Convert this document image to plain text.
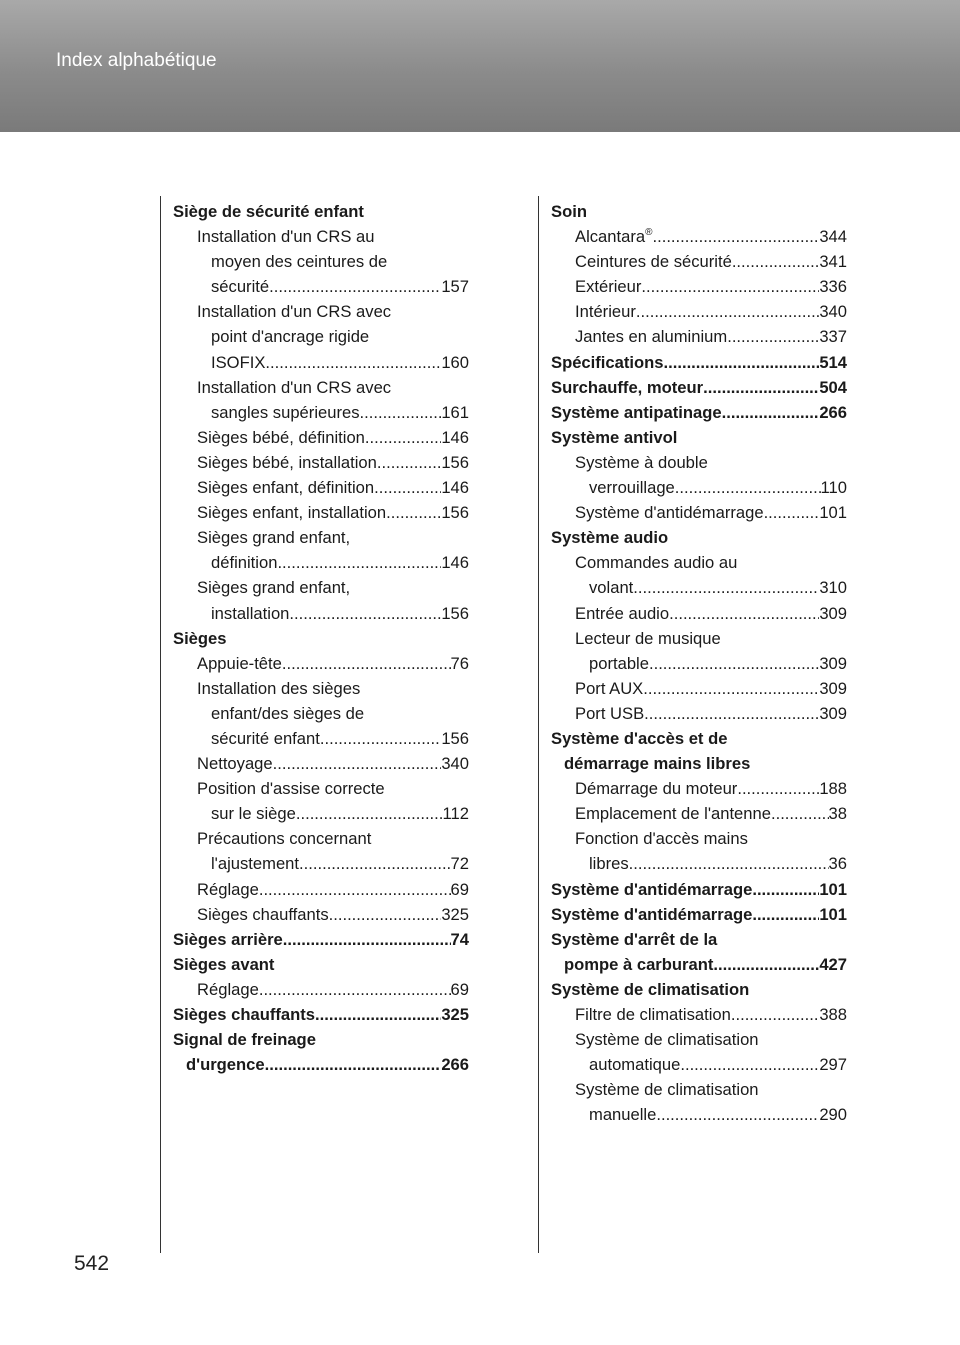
Index alphabétique
Siège de sécurité enfant
Installation d'un CRS au
moyen des ceintures de
sécurité .....	157
Installation d'un CRS avec
point d'ancrage rigide
ISOFIX .....	160
Installation d'un CRS avec
sangles supérieures .....	161
Sièges bébé, définition .....	146
Sièges bébé, installation .....	156
Sièges enfant, définition .....	146
Sièges enfant, installation .....	156
Sièges grand enfant,
définition .....	146
Sièges grand enfant,
installation .....	156
Sièges
Appuie-tête .....	76
Installation des sièges
enfant/des sièges de
sécurité enfant .....	156
Nettoyage .....	340
Position d'assise correcte
sur le siège .....	112
Précautions concernant
l'ajustement .....	72
Réglage .....	69
Sièges chauffants .....	325
Sièges arrière .....	74
Sièges avant
Réglage .....	69
Sièges chauffants .....	325
Signal de freinage
d'urgence .....	266
Soin
Alcantara® .....	344
Ceintures de sécurité .....	341
Extérieur .....	336
Intérieur .....	340
Jantes en aluminium .....	337
Spécifications .....	514
Surchauffe, moteur .....	504
Système antipatinage .....	266
Système antivol
Système à double
verrouillage .....	110
Système d'antidémarrage .....	101
Système audio
Commandes audio au
volant .....	310
Entrée audio .....	309
Lecteur de musique
portable .....	309
Port AUX .....	309
Port USB .....	309
Système d'accès et de
démarrage mains libres
Démarrage du moteur .....	188
Emplacement de l'antenne .....	38
Fonction d'accès mains
libres .....	36
Système d'antidémarrage .....	101
Système d'antidémarrage .....	101
Système d'arrêt de la
pompe à carburant .....	427
Système de climatisation
Filtre de climatisation .....	388
Système de climatisation
automatique .....	297
Système de climatisation
manuelle .....	290
542
